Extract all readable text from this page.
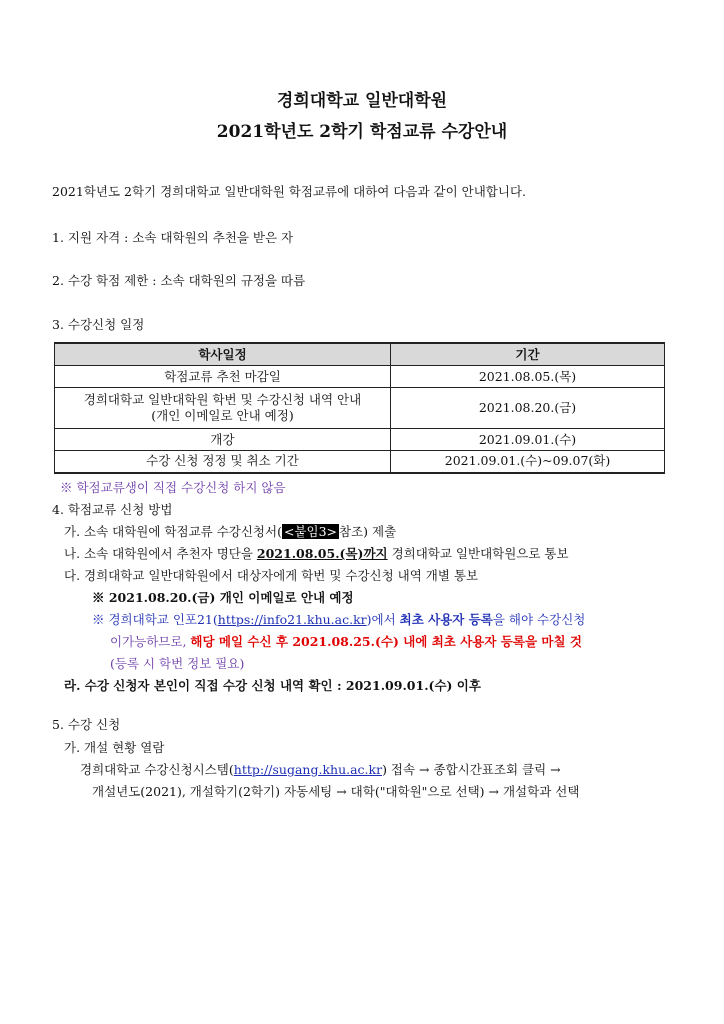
경희대학교 일반대학원
2021학년도 2학기 학점교류 수강안내
2021학년도 2학기 경희대학교 일반대학원 학점교류에 대하여 다음과 같이 안내합니다.
1. 지원 자격 : 소속 대학원의 추천을 받은 자
2. 수강 학점 제한 : 소속 대학원의 규정을 따름
3. 수강신청 일정
학사일정	기간
학점교류 추천 마감일	2021.08.05.(목)

경희대학교 일반대학원 학번 및 수강신청 내역 안내
(개인 이메일로 안내 예정)	2021.08.20.(금)
개강	2021.09.01.(수)
수강 신청 정정 및 취소 기간	2021.09.01.(수)~09.07(화)
※ 학점교류생이 직접 수강신청 하지 않음
4. 학점교류 신청 방법
가. 소속 대학원에 학점교류 수강신청서( <붙임3> 참조) 제출
나. 소속 대학원에서 추천자 명단을 2021.08.05.(목)까지 경희대학교 일반대학원으로 통보
다. 경희대학교 일반대학원에서 대상자에게 학번 및 수강신청 내역 개별 통보
※ 2021.08.20.(금) 개인 이메일로 안내 예정
※ 경희대학교 인포21(https://info21.khu.ac.kr)에서 최초 사용자 등록을 해야 수강신청
이가능하므로, 해당 메일 수신 후 2021.08.25.(수) 내에 최초 사용자 등록을 마칠 것
(등록 시 학번 정보 필요)
라. 수강 신청자 본인이 직접 수강 신청 내역 확인 : 2021.09.01.(수) 이후
5. 수강 신청
가. 개설 현황 열람
경희대학교 수강신청시스템(http://sugang.khu.ac.kr) 접속 → 종합시간표조회 클릭 →
개설년도(2021), 개설학기(2학기) 자동세팅 → 대학("대학원"으로 선택) → 개설학과 선택
